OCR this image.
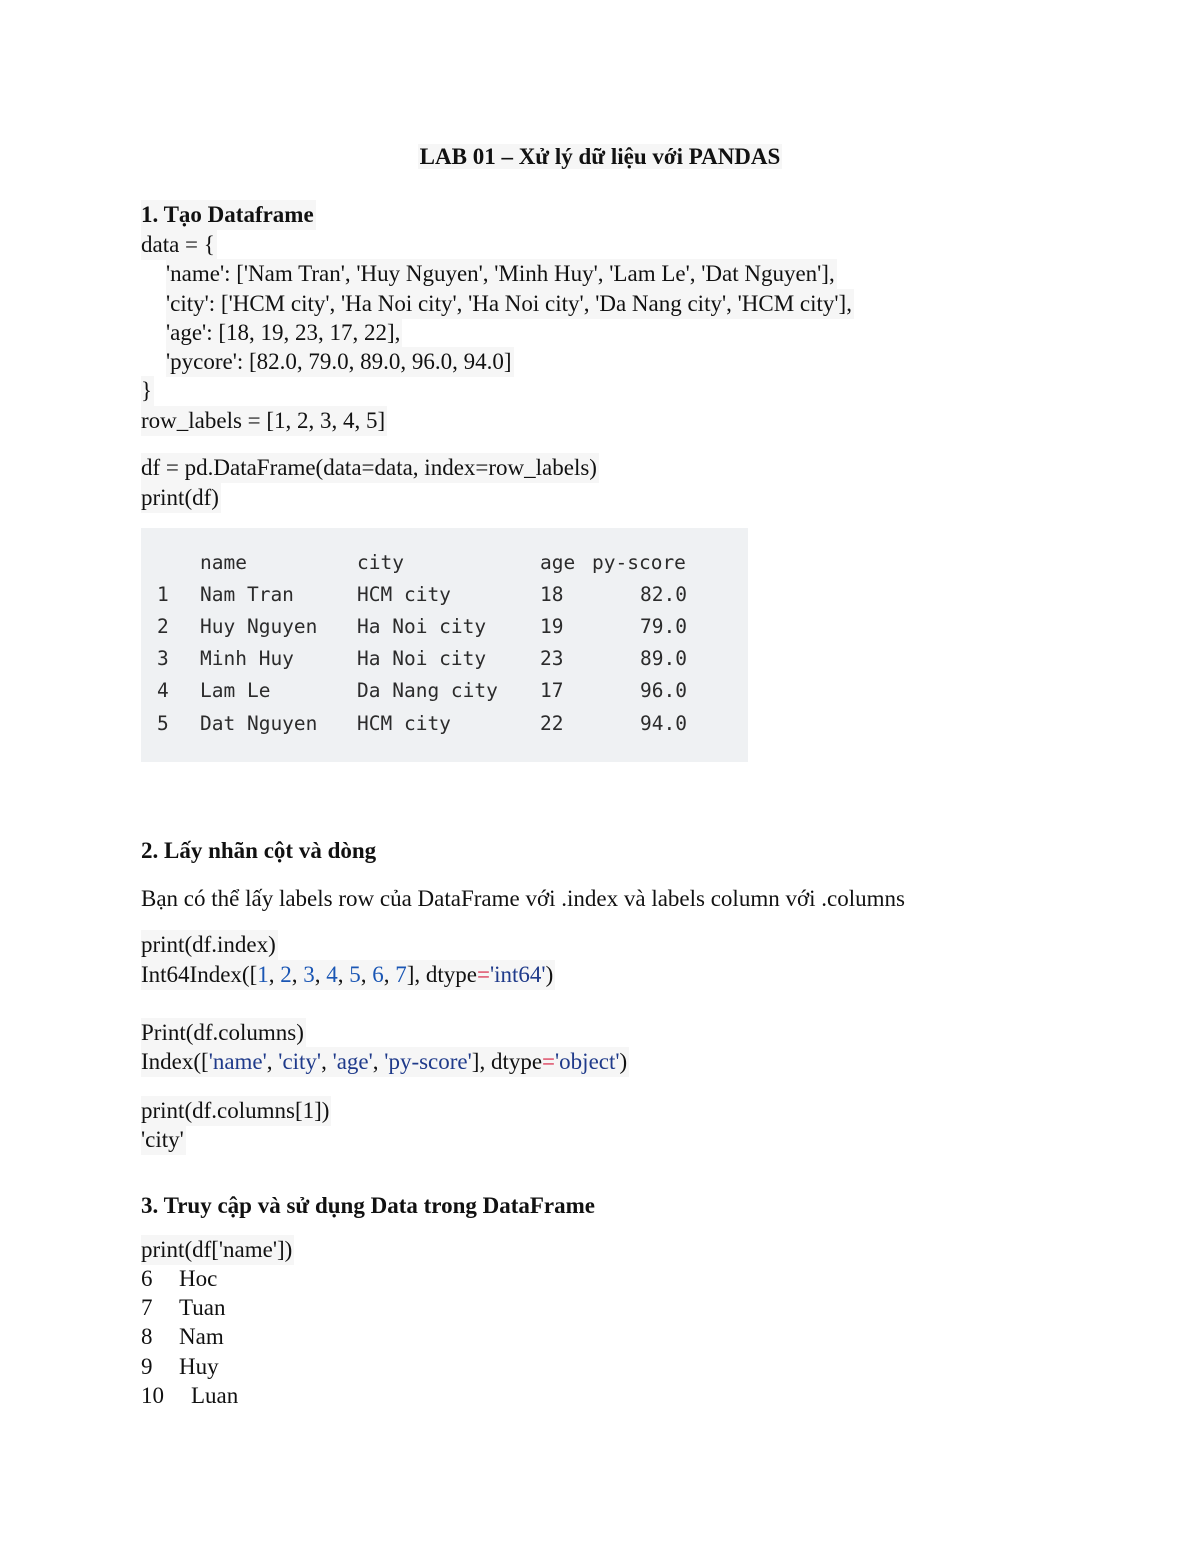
LAB 01 – Xử lý dữ liệu với PANDAS

1. Tạo Dataframe

data = {

'name': ['Nam Tran', 'Huy Nguyen', 'Minh Huy', 'Lam Le', 'Dat Nguyen'],

'city': ['HCM city', 'Ha Noi city', 'Ha Noi city', 'Da Nang city', 'HCM city'],

'age': [18, 19, 23, 17, 22],

'pycore': [82.0, 79.0, 89.0, 96.0, 94.0]

}

row_labels = [1, 2, 3, 4, 5]

df = pd.DataFrame(data=data, index=row_labels)

print(df)

	name	city	age	py-score
1	Nam Tran	HCM city	18	82.0
2	Huy Nguyen	Ha Noi city	19	79.0
3	Minh Huy	Ha Noi city	23	89.0
4	Lam Le	Da Nang city	17	96.0
5	Dat Nguyen	HCM city	22	94.0

2. Lấy nhãn cột và dòng

Bạn có thể lấy labels row của DataFrame với .index và labels column với .columns

print(df.index)

Int64Index([1, 2, 3, 4, 5, 6, 7], dtype='int64')

Print(df.columns)

Index(['name', 'city', 'age', 'py-score'], dtype='object')

print(df.columns[1])

'city'

3. Truy cập và sử dụng Data trong DataFrame

print(df['name'])

6 Hoc

7 Tuan

8 Nam

9 Huy

10 Luan
